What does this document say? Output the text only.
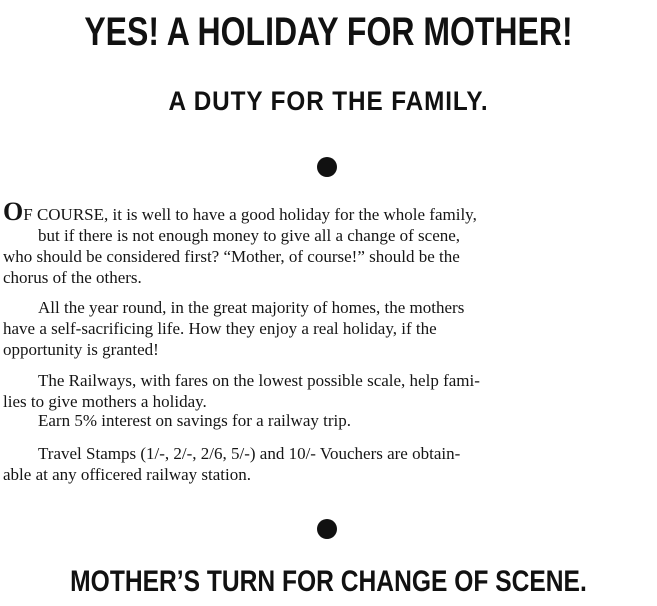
YES! A HOLIDAY FOR MOTHER!
A DUTY FOR THE FAMILY.
OF COURSE, it is well to have a good holiday for the whole family,
but if there is not enough money to give all a change of scene,
who should be considered first? “Mother, of course!” should be the
chorus of the others.
All the year round, in the great majority of homes, the mothers
have a self-sacrificing life. How they enjoy a real holiday, if the
opportunity is granted!
The Railways, with fares on the lowest possible scale, help fami-
lies to give mothers a holiday.
Earn 5% interest on savings for a railway trip.
Travel Stamps (1/-, 2/-, 2/6, 5/-) and 10/- Vouchers are obtain-
able at any officered railway station.
MOTHER’S TURN FOR CHANGE OF SCENE.
